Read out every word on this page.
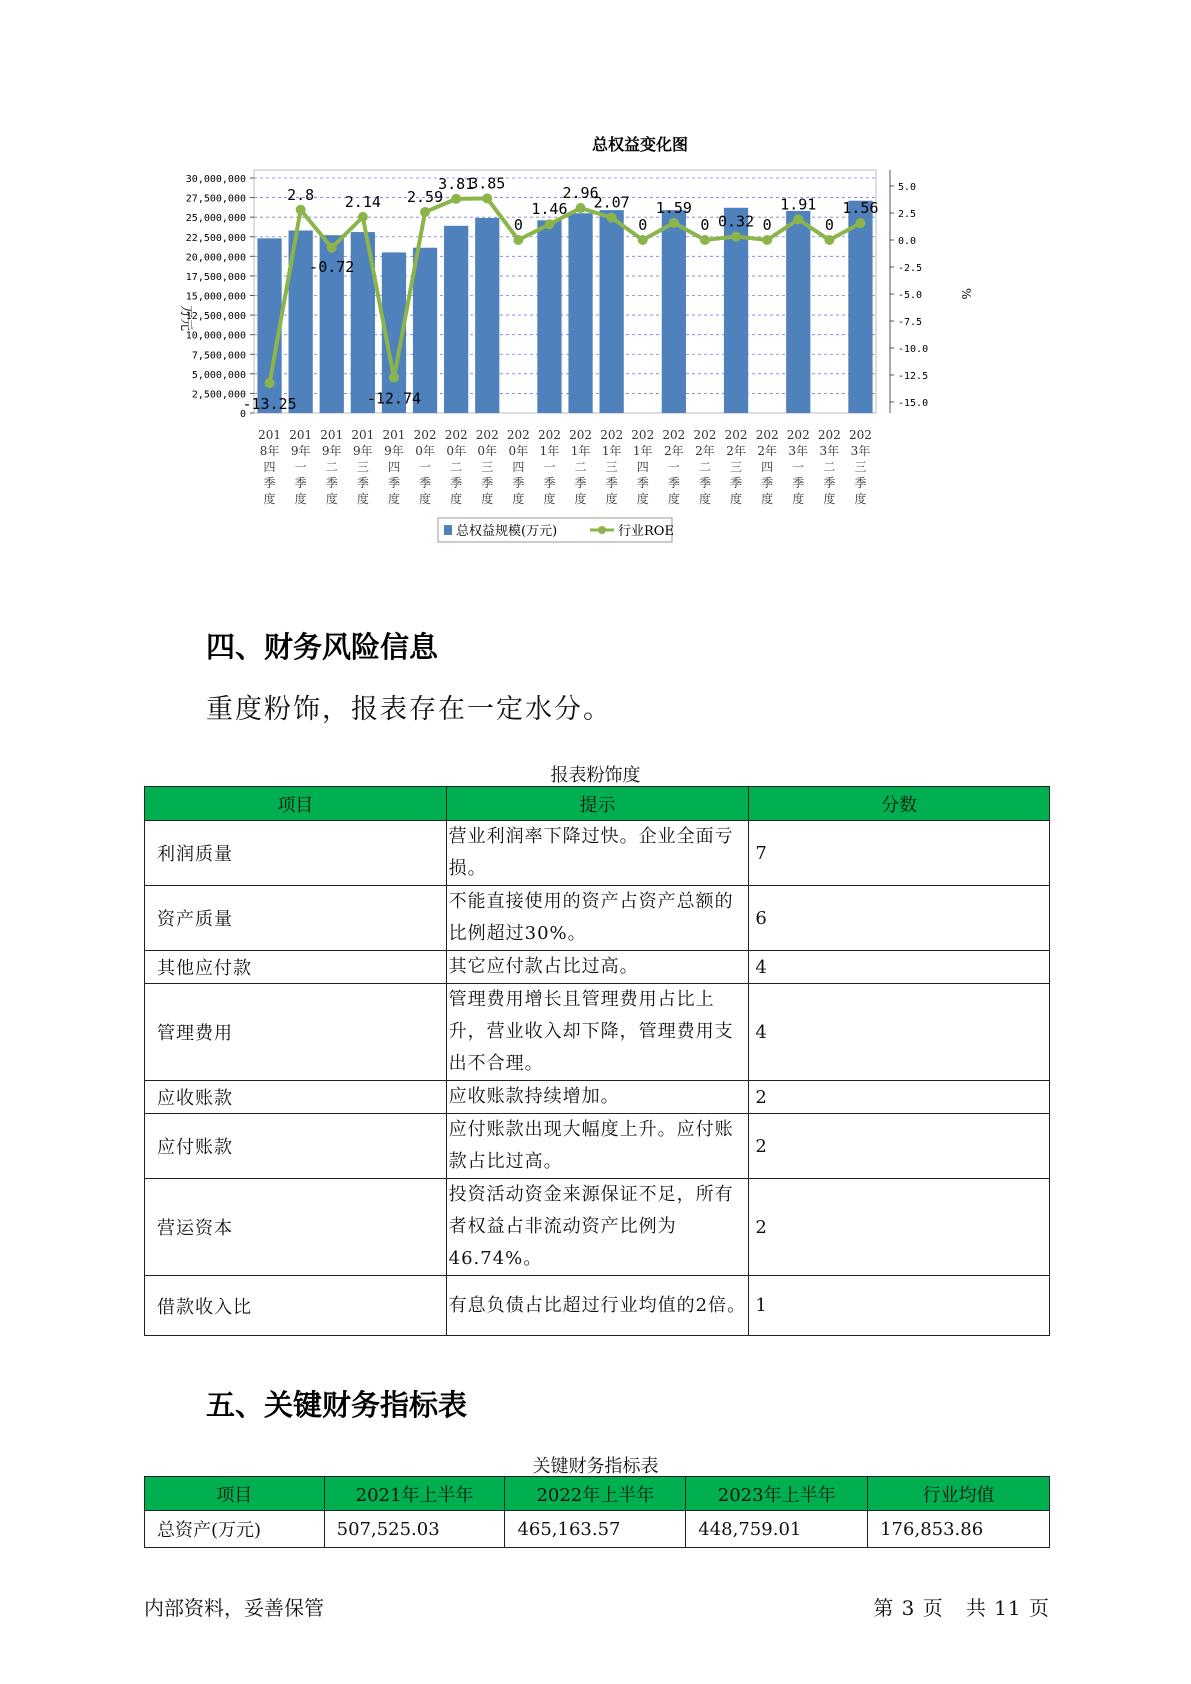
总权益变化图
30,000,000
27,500,000
25,000,000
22,500,000
20,000,000
17,500,000
15,000,000
12,500,000
10,000,000
7,500,000
5,000,000
2,500,000
0
万元
5.0
2.5
0.0
-2.5
-5.0
-7.5
-10.0
-12.5
-15.0
%
-13.25
2.8
-0.72
2.14
-12.74
2.59
3.81
3.85
0
1.46
2.96
2.07
0
1.59
0 0.32 0
1.91
0
1.56
201 8年四季度
201 9年一季度
201 9年二季度
201 9年三季度
201 9年四季度
202 0年一季度
202 0年二季度
202 0年三季度
202 0年四季度
202 1年一季度
202 1年二季度
202 1年三季度
202 1年四季度
202 2年一季度
202 2年二季度
202 2年三季度
202 2年四季度
202 3年一季度
202 3年二季度
202 3年三季度
总权益规模(万元)	行业ROE
四、财务风险信息

重度粉饰，报表存在一定水分。

报表粉饰度
项目	提示	分数
利润质量	营业利润率下降过快。企业全面亏损。	7
资产质量	不能直接使用的资产占资产总额的比例超过30%。	6
其他应付款	其它应付款占比过高。	4
管理费用	管理费用增长且管理费用占比上升，营业收入却下降，管理费用支出不合理。	4
应收账款	应收账款持续增加。	2
应付账款	应付账款出现大幅度上升。应付账款占比过高。	2
营运资本	投资活动资金来源保证不足，所有者权益占非流动资产比例为46.74%。	2
借款收入比	有息负债占比超过行业均值的2倍。	1
五、关键财务指标表
关键财务指标表
项目	2021年上半年	2022年上半年	2023年上半年	行业均值
总资产(万元)	507,525.03	465,163.57	448,759.01	176,853.86
内部资料，妥善保管	第 3 页   共 11 页
